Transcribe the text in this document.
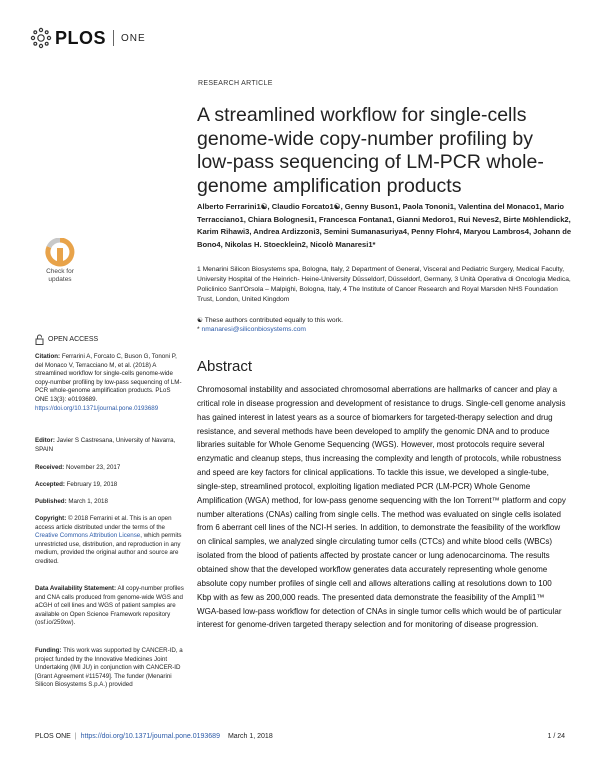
PLOS ONE
Check for
updates
OPEN ACCESS
Citation: Ferrarini A, Forcato C, Buson G, Tononi P, del Monaco V, Terracciano M, et al. (2018) A streamlined workflow for single-cells genome-wide copy-number profiling by low-pass sequencing of LM-PCR whole-genome amplification products. PLoS ONE 13(3): e0193689. https://doi.org/10.1371/journal.pone.0193689
Editor: Javier S Castresana, University of Navarra, SPAIN
Received: November 23, 2017
Accepted: February 19, 2018
Published: March 1, 2018
Copyright: © 2018 Ferrarini et al. This is an open access article distributed under the terms of the Creative Commons Attribution License, which permits unrestricted use, distribution, and reproduction in any medium, provided the original author and source are credited.
Data Availability Statement: All copy-number profiles and CNA calls produced from genome-wide WGS and aCGH of cell lines and WGS of patient samples are available on Open Science Framework repository (osf.io/259xw).
Funding: This work was supported by CANCER-ID, a project funded by the Innovative Medicines Joint Undertaking (IMI JU) in conjunction with CANCER-ID [Grant Agreement #115749]. The funder (Menarini Silicon Biosystems S.p.A.) provided
RESEARCH ARTICLE
A streamlined workflow for single-cells genome-wide copy-number profiling by low-pass sequencing of LM-PCR whole-genome amplification products
Alberto Ferrarini1☯, Claudio Forcato1☯, Genny Buson1, Paola Tononi1, Valentina del Monaco1, Mario Terracciano1, Chiara Bolognesi1, Francesca Fontana1, Gianni Medoro1, Rui Neves2, Birte Möhlendick2, Karim Rihawi3, Andrea Ardizzoni3, Semini Sumanasuriya4, Penny Flohr4, Maryou Lambros4, Johann de Bono4, Nikolas H. Stoecklein2, Nicolò Manaresi1*
1 Menarini Silicon Biosystems spa, Bologna, Italy, 2 Department of General, Visceral and Pediatric Surgery, Medical Faculty, University Hospital of the Heinrich- Heine-University Düsseldorf, Düsseldorf, Germany, 3 Unità Operativa di Oncologia Medica, Policlinico Sant'Orsola – Malpighi, Bologna, Italy, 4 The Institute of Cancer Research and Royal Marsden NHS Foundation Trust, London, United Kingdom
☯ These authors contributed equally to this work.
* nmanaresi@siliconbiosystems.com
Abstract
Chromosomal instability and associated chromosomal aberrations are hallmarks of cancer and play a critical role in disease progression and development of resistance to drugs. Single-cell genome analysis has gained interest in latest years as a source of biomarkers for targeted-therapy selection and drug resistance, and several methods have been developed to amplify the genomic DNA and to produce libraries suitable for Whole Genome Sequencing (WGS). However, most protocols require several enzymatic and cleanup steps, thus increasing the complexity and length of protocols, while robustness and speed are key factors for clinical applications. To tackle this issue, we developed a single-tube, single-step, streamlined protocol, exploiting ligation mediated PCR (LM-PCR) Whole Genome Amplification (WGA) method, for low-pass genome sequencing with the Ion Torrent™ platform and copy number alterations (CNAs) calling from single cells. The method was evaluated on single cells isolated from 6 aberrant cell lines of the NCI-H series. In addition, to demonstrate the feasibility of the workflow on clinical samples, we analyzed single circulating tumor cells (CTCs) and white blood cells (WBCs) isolated from the blood of patients affected by prostate cancer or lung adenocarcinoma. The results obtained show that the developed workflow generates data accurately representing whole genome absolute copy number profiles of single cell and allows alterations calling at resolutions down to 100 Kbp with as few as 200,000 reads. The presented data demonstrate the feasibility of the Ampli1™ WGA-based low-pass workflow for detection of CNAs in single tumor cells which would be of particular interest for genome-driven targeted therapy selection and for monitoring of disease progression.
PLOS ONE | https://doi.org/10.1371/journal.pone.0193689 March 1, 2018	1 / 24
